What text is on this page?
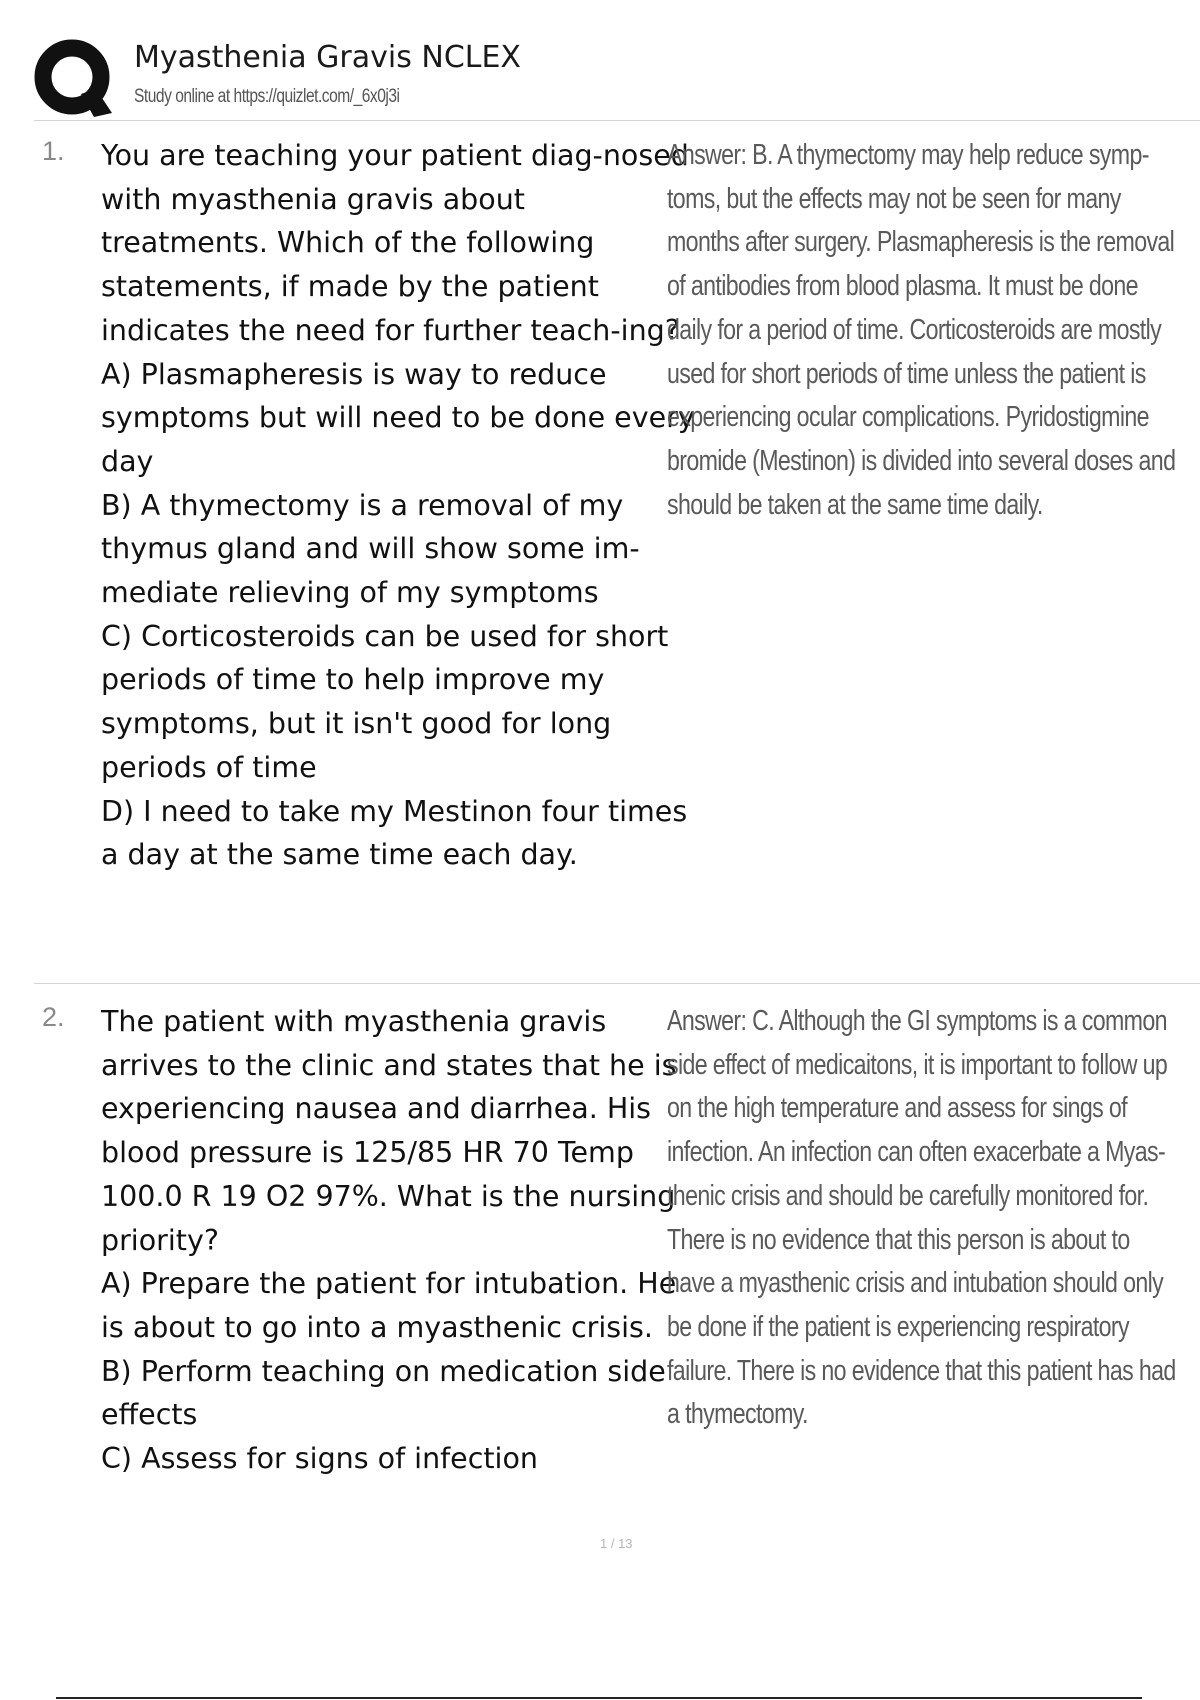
Myasthenia Gravis NCLEX
Study online at https://quizlet.com/_6x0j3i
1. You are teaching your patient diag-nosed with myasthenia gravis about treatments. Which of the following statements, if made by the patient indicates the need for further teach-ing?

A) Plasmapheresis is way to reduce symptoms but will need to be done every day

B) A thymectomy is a removal of my thymus gland and will show some im-mediate relieving of my symptoms

C) Corticosteroids can be used for short periods of time to help improve my symptoms, but it isn't good for long periods of time

D) I need to take my Mestinon four times a day at the same time each day.

Answer: B. A thymectomy may help reduce symp-toms, but the effects may not be seen for many months after surgery. Plasmapheresis is the removal of antibodies from blood plasma. It must be done daily for a period of time. Corticosteroids are mostly used for short periods of time unless the patient is experiencing ocular complications. Pyridostigmine bromide (Mestinon) is divided into several doses and should be taken at the same time daily.
2. The patient with myasthenia gravis arrives to the clinic and states that he is experiencing nausea and diarrhea. His blood pressure is 125/85 HR 70 Temp 100.0 R 19 O2 97%. What is the nursing priority?

A) Prepare the patient for intubation. He is about to go into a myasthenic crisis.

B) Perform teaching on medication side effects

C) Assess for signs of infection

Answer: C. Although the GI symptoms is a common side effect of medicaitons, it is important to follow up on the high temperature and assess for sings of infection. An infection can often exacerbate a Myas-thenic crisis and should be carefully monitored for. There is no evidence that this person is about to have a myasthenic crisis and intubation should only be done if the patient is experiencing respiratory failure. There is no evidence that this patient has had a thymectomy.
1 / 13
